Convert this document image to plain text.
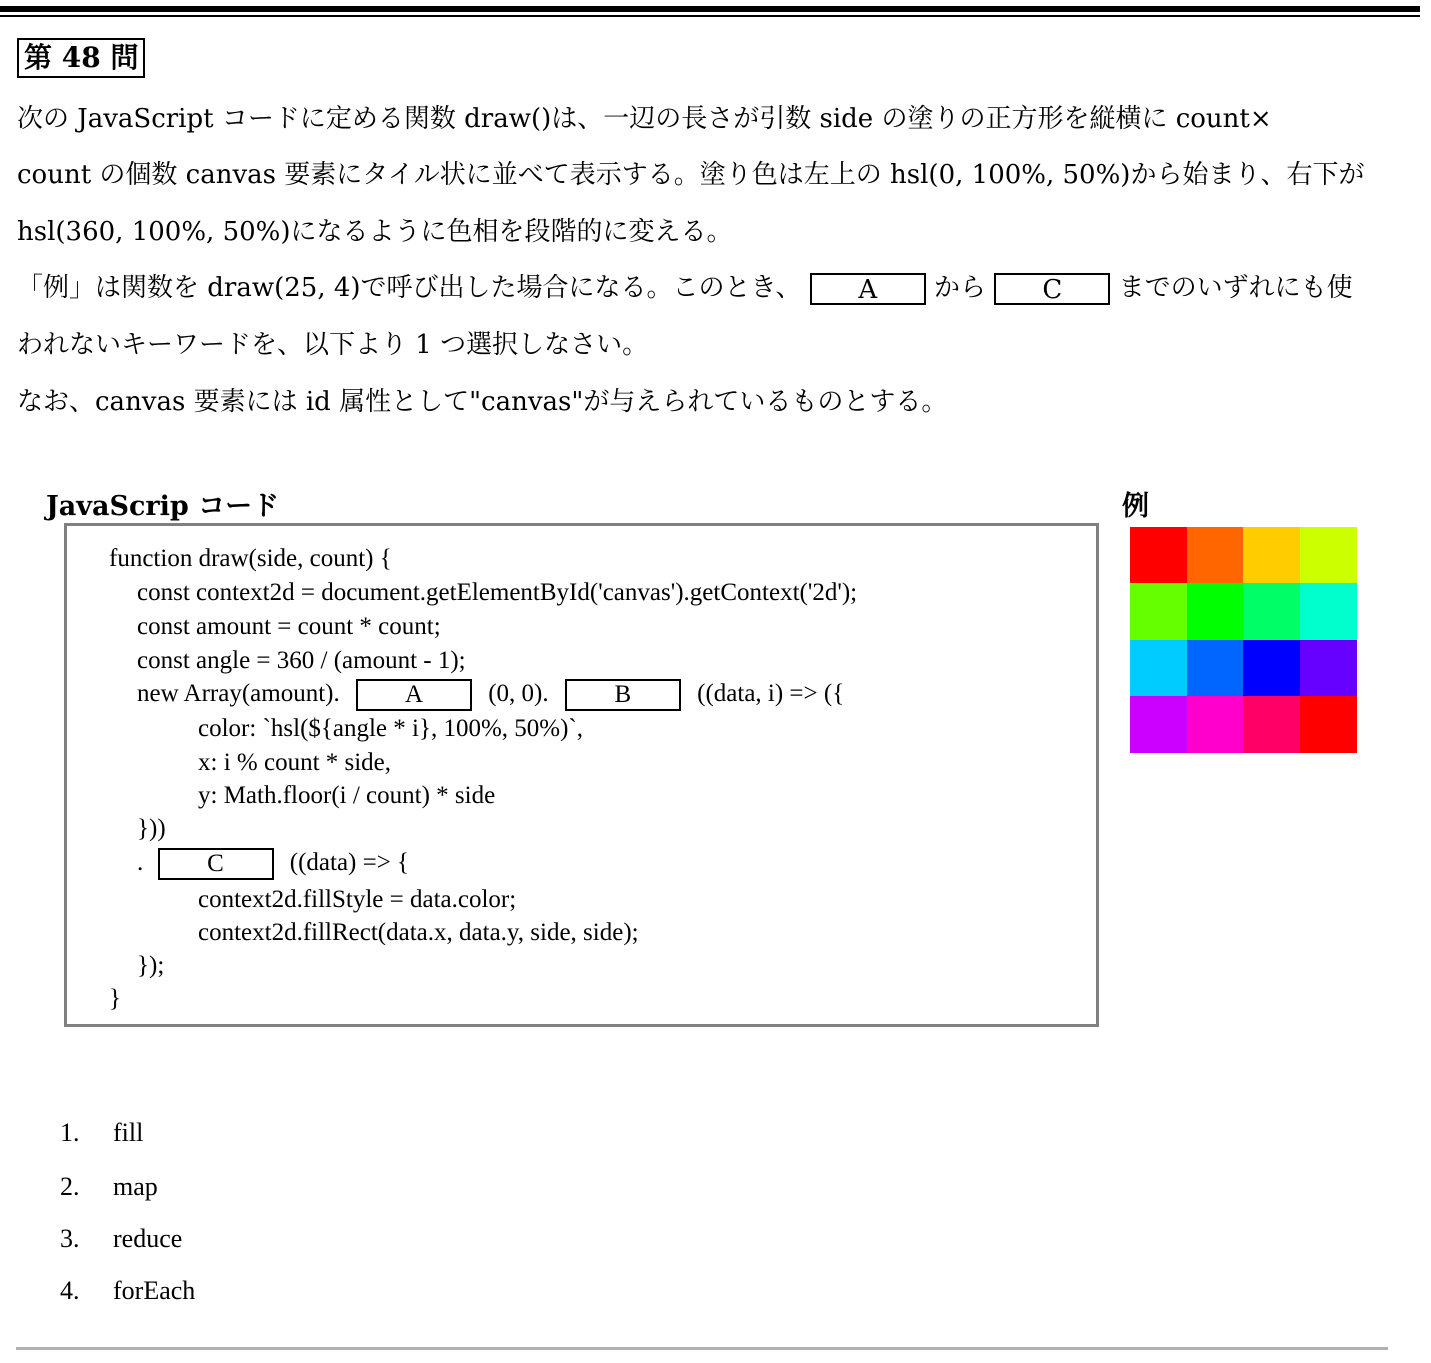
第 48 問
次の JavaScript コードに定める関数 draw()は、一辺の長さが引数 side の塗りの正方形を縦横に count×
count の個数 canvas 要素にタイル状に並べて表示する。塗り色は左上の hsl(0, 100%, 50%)から始まり、右下が
hsl(360, 100%, 50%)になるように色相を段階的に変える。
「例」は関数を draw(25, 4)で呼び出した場合になる。このとき、 A から C までのいずれにも使
われないキーワードを、以下より 1 つ選択しなさい。
なお、canvas 要素には id 属性として"canvas"が与えられているものとする。
JavaScrip コード	例
function draw(side, count) {
const context2d = document.getElementById('canvas').getContext('2d');
const amount = count * count;
const angle = 360 / (amount - 1);
new Array(amount).	A	(0, 0).	B	((data, i) => ({
color: `hsl(${angle * i}, 100%, 50%)`,
x: i % count * side,
y: Math.floor(i / count) * side
}))
.	C	((data) => {
context2d.fillStyle = data.color;
context2d.fillRect(data.x, data.y, side, side);
});
}
1. fill
2. map
3. reduce
4. forEach
